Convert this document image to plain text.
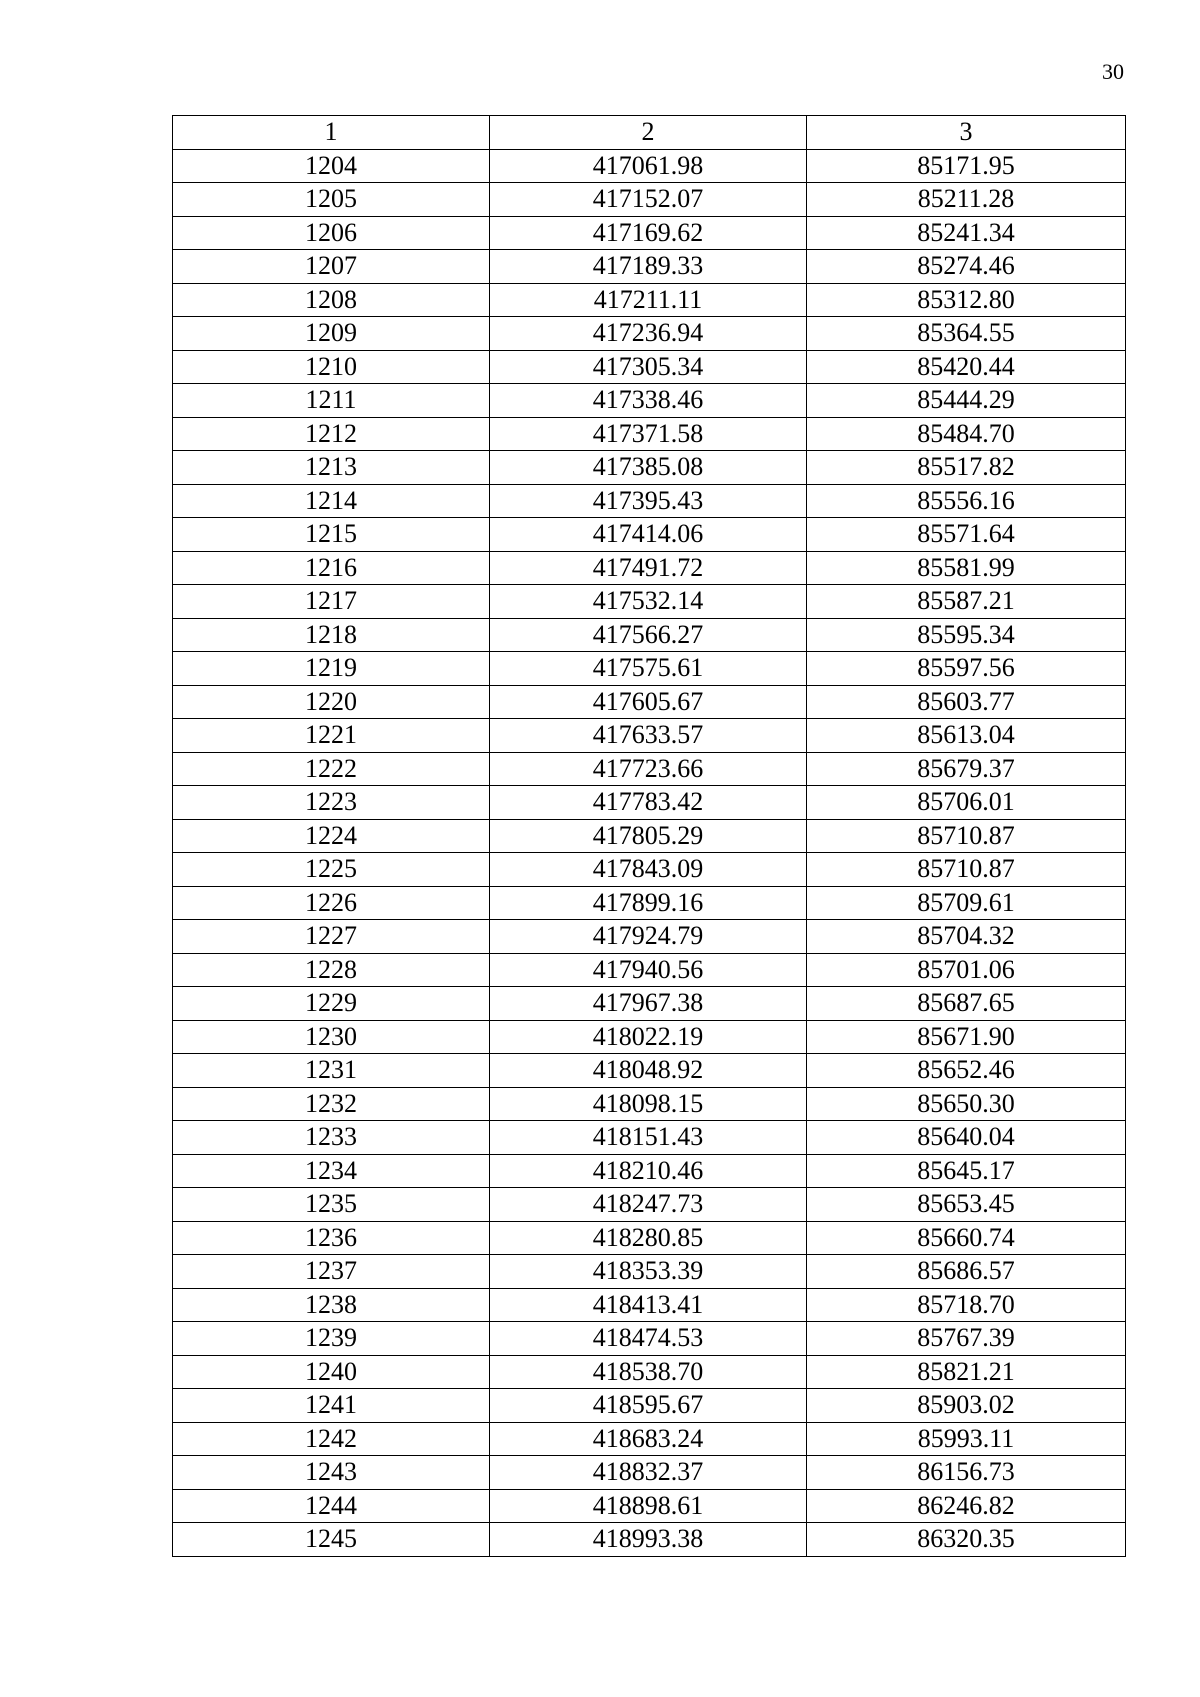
30
1	2	3
1204	417061.98	85171.95
1205	417152.07	85211.28
1206	417169.62	85241.34
1207	417189.33	85274.46
1208	417211.11	85312.80
1209	417236.94	85364.55
1210	417305.34	85420.44
1211	417338.46	85444.29
1212	417371.58	85484.70
1213	417385.08	85517.82
1214	417395.43	85556.16
1215	417414.06	85571.64
1216	417491.72	85581.99
1217	417532.14	85587.21
1218	417566.27	85595.34
1219	417575.61	85597.56
1220	417605.67	85603.77
1221	417633.57	85613.04
1222	417723.66	85679.37
1223	417783.42	85706.01
1224	417805.29	85710.87
1225	417843.09	85710.87
1226	417899.16	85709.61
1227	417924.79	85704.32
1228	417940.56	85701.06
1229	417967.38	85687.65
1230	418022.19	85671.90
1231	418048.92	85652.46
1232	418098.15	85650.30
1233	418151.43	85640.04
1234	418210.46	85645.17
1235	418247.73	85653.45
1236	418280.85	85660.74
1237	418353.39	85686.57
1238	418413.41	85718.70
1239	418474.53	85767.39
1240	418538.70	85821.21
1241	418595.67	85903.02
1242	418683.24	85993.11
1243	418832.37	86156.73
1244	418898.61	86246.82
1245	418993.38	86320.35
